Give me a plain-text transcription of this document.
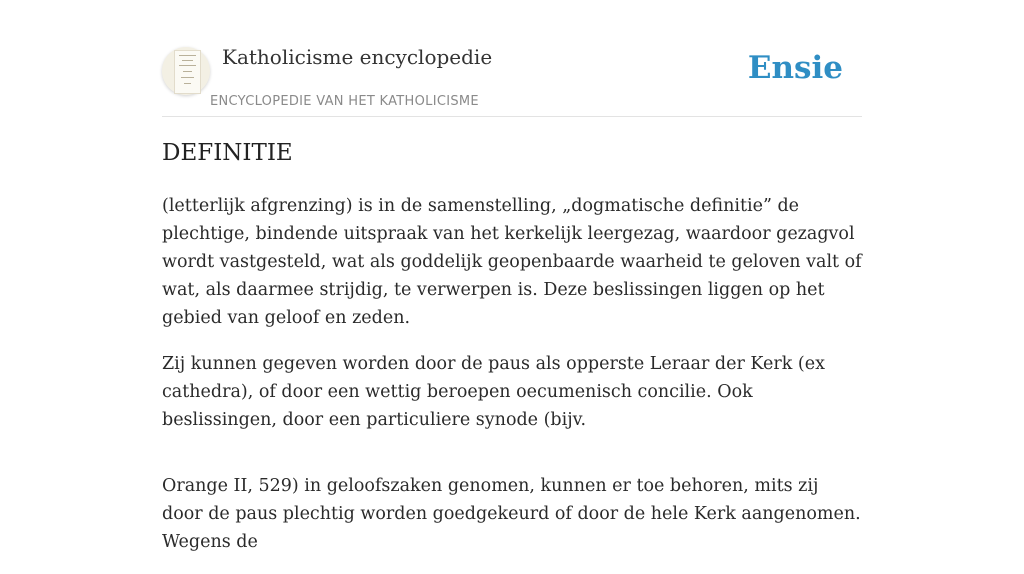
Katholicisme encyclopedie
ENCYCLOPEDIE VAN HET KATHOLICISME
Ensie
DEFINITIE

(letterlijk afgrenzing) is in de samenstelling, „dogmatische definitie” de plechtige, bindende uitspraak van het kerkelijk leergezag, waardoor gezagvol wordt vastgesteld, wat als goddelijk geopenbaarde waarheid te geloven valt of wat, als daarmee strijdig, te verwerpen is. Deze beslissingen liggen op het gebied van geloof en zeden.

Zij kunnen gegeven worden door de paus als opperste Leraar der Kerk (ex cathedra), of door een wettig beroepen oecumenisch concilie. Ook beslissingen, door een particuliere synode (bijv.

Orange II, 529) in geloofszaken genomen, kunnen er toe behoren, mits zij door de paus plechtig worden goedgekeurd of door de hele Kerk aangenomen. Wegens de
